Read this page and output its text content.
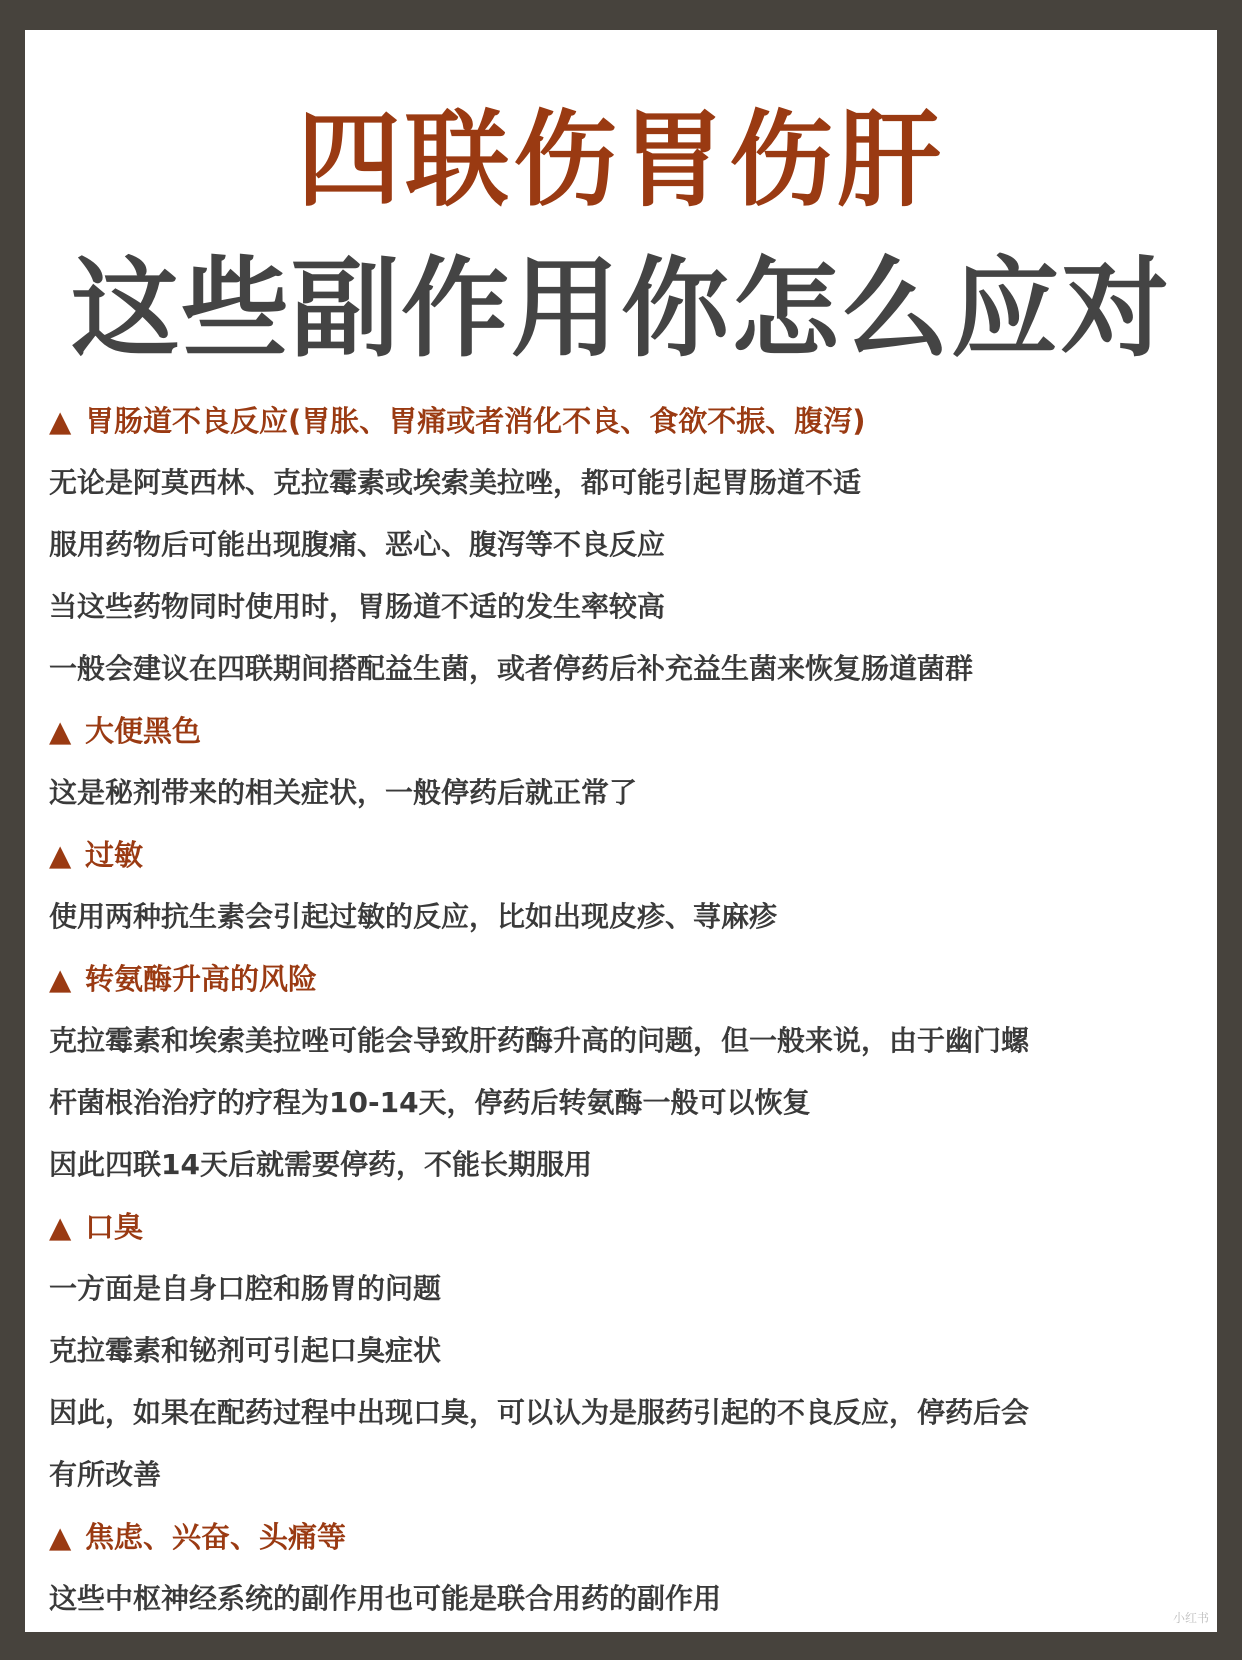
四联伤胃伤肝
这些副作用你怎么应对
▲ 胃肠道不良反应(胃胀、胃痛或者消化不良、食欲不振、腹泻)
无论是阿莫西林、克拉霉素或埃索美拉唑，都可能引起胃肠道不适
服用药物后可能出现腹痛、恶心、腹泻等不良反应
当这些药物同时使用时，胃肠道不适的发生率较高
一般会建议在四联期间搭配益生菌，或者停药后补充益生菌来恢复肠道菌群
▲ 大便黑色
这是秘剂带来的相关症状，一般停药后就正常了
▲ 过敏
使用两种抗生素会引起过敏的反应，比如出现皮疹、荨麻疹
▲ 转氨酶升高的风险
克拉霉素和埃索美拉唑可能会导致肝药酶升高的问题，但一般来说，由于幽门螺
杆菌根治治疗的疗程为10-14天，停药后转氨酶一般可以恢复
因此四联14天后就需要停药，不能长期服用
▲ 口臭
一方面是自身口腔和肠胃的问题
克拉霉素和铋剂可引起口臭症状
因此，如果在配药过程中出现口臭，可以认为是服药引起的不良反应，停药后会
有所改善
▲ 焦虑、兴奋、头痛等
这些中枢神经系统的副作用也可能是联合用药的副作用
小红书
